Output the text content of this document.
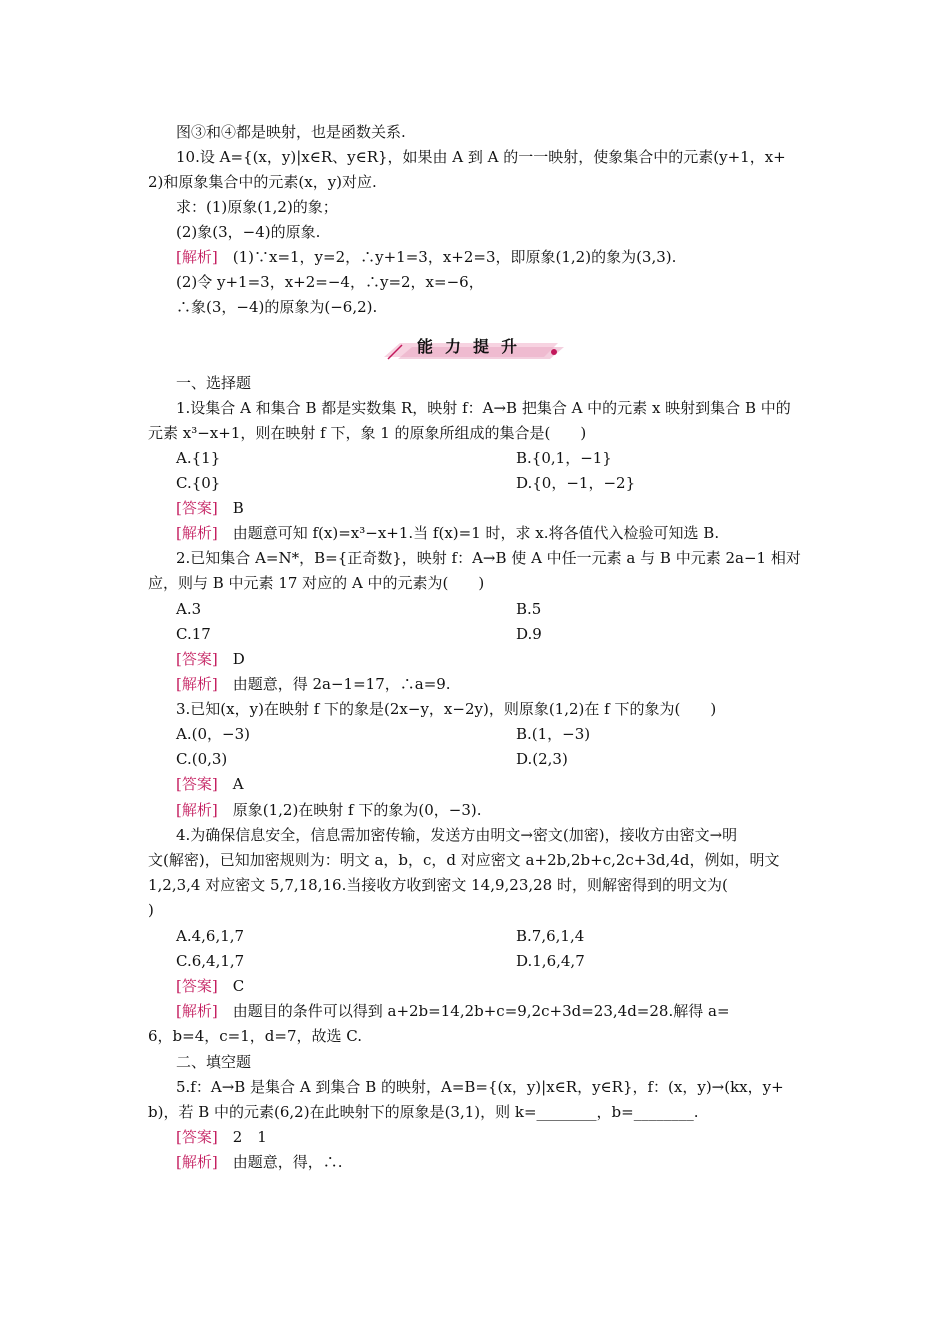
图③和④都是映射，也是函数关系.
10.设 A={(x，y)|x∈R、y∈R}，如果由 A 到 A 的一一映射，使象集合中的元素(y+1，x+
2)和原象集合中的元素(x，y)对应.
求：(1)原象(1,2)的象；
(2)象(3，−4)的原象.
[解析]　 (1)∵x=1，y=2，∴y+1=3，x+2=3，即原象(1,2)的象为(3,3).
(2)令 y+1=3，x+2=−4，∴y=2，x=−6，
∴象(3，−4)的原象为(−6,2).
能力提升
一、选择题
1.设集合 A 和集合 B 都是实数集 R，映射 f：A→B 把集合 A 中的元素 x 映射到集合 B 中的
元素 x³−x+1，则在映射 f 下，象 1 的原象所组成的集合是(　　)
A.{1}	B.{0,1，−1}
C.{0}	D.{0，−1，−2}
[答案]　 B
[解析]　 由题意可知 f(x)=x³−x+1.当 f(x)=1 时，求 x.将各值代入检验可知选 B.
2.已知集合 A=N*，B={正奇数}，映射 f：A→B 使 A 中任一元素 a 与 B 中元素 2a−1 相对
应，则与 B 中元素 17 对应的 A 中的元素为(　　)
A.3	B.5
C.17	D.9
[答案]　 D
[解析]　 由题意，得 2a−1=17，∴a=9.
3.已知(x，y)在映射 f 下的象是(2x−y，x−2y)，则原象(1,2)在 f 下的象为(　　)
A.(0，−3)	B.(1，−3)
C.(0,3)	D.(2,3)
[答案]　 A
[解析]　 原象(1,2)在映射 f 下的象为(0，−3).
4.为确保信息安全，信息需加密传输，发送方由明文→密文(加密)，接收方由密文→明
文(解密)，已知加密规则为：明文 a，b，c，d 对应密文 a+2b,2b+c,2c+3d,4d，例如，明文
1,2,3,4 对应密文 5,7,18,16.当接收方收到密文 14,9,23,28 时，则解密得到的明文为(
)
A.4,6,1,7	B.7,6,1,4
C.6,4,1,7	D.1,6,4,7
[答案]　 C
[解析]　 由题目的条件可以得到 a+2b=14,2b+c=9,2c+3d=23,4d=28.解得 a=
6，b=4，c=1，d=7，故选 C.
二、填空题
5.f：A→B 是集合 A 到集合 B 的映射，A=B={(x，y)|x∈R，y∈R}，f：(x，y)→(kx，y+
b)，若 B 中的元素(6,2)在此映射下的原象是(3,1)，则 k=________，b=________.
[答案]　 2　1
[解析]　 由题意，得，∴.
